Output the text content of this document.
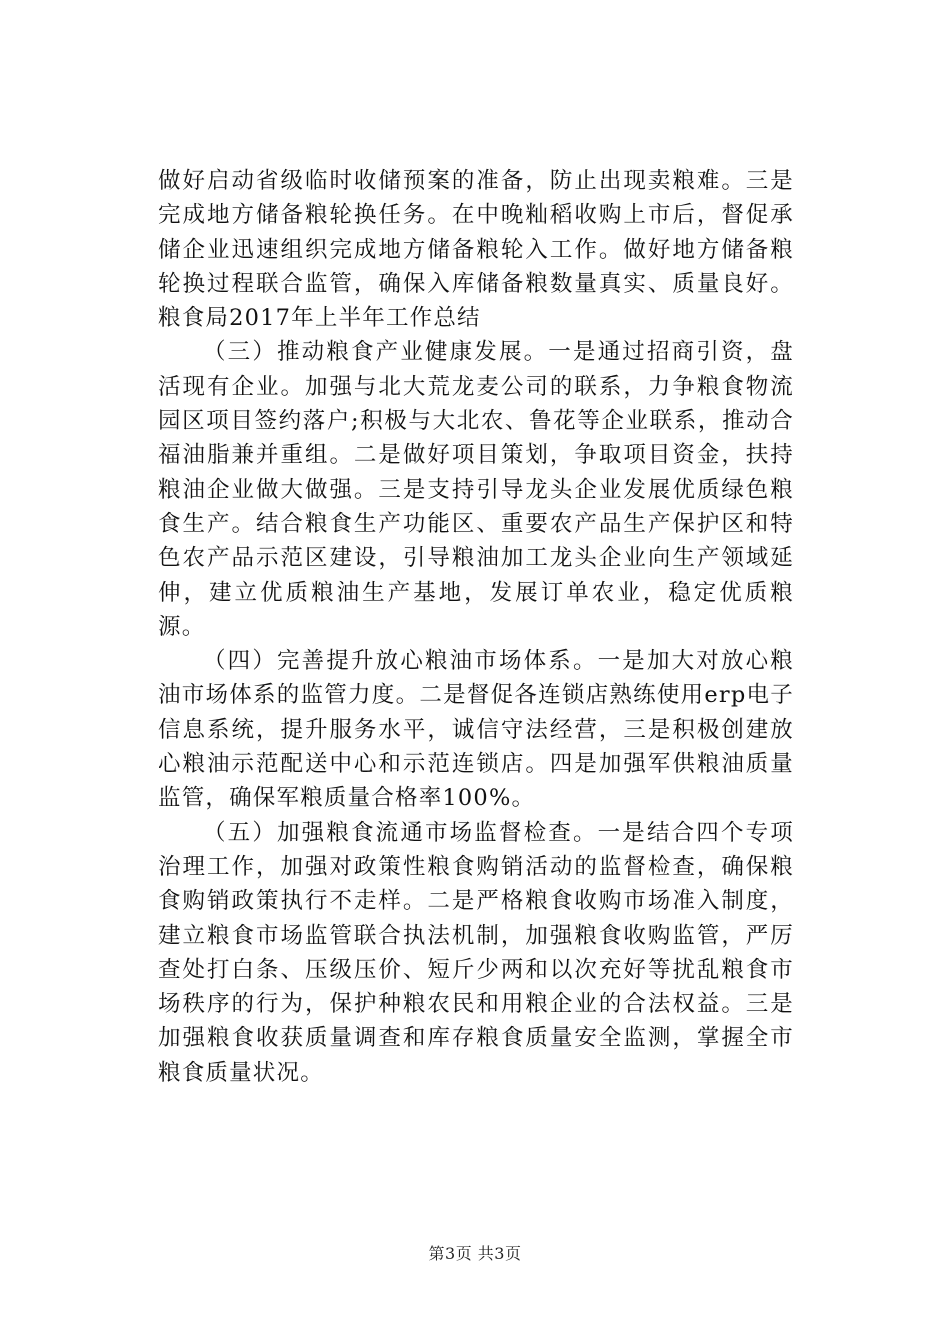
做好启动省级临时收储预案的准备，防止出现卖粮难。三是完成地方储备粮轮换任务。在中晚籼稻收购上市后，督促承储企业迅速组织完成地方储备粮轮入工作。做好地方储备粮轮换过程联合监管，确保入库储备粮数量真实、质量良好。粮食局2017年上半年工作总结

（三）推动粮食产业健康发展。一是通过招商引资，盘活现有企业。加强与北大荒龙麦公司的联系，力争粮食物流园区项目签约落户;积极与大北农、鲁花等企业联系，推动合福油脂兼并重组。二是做好项目策划，争取项目资金，扶持粮油企业做大做强。三是支持引导龙头企业发展优质绿色粮食生产。结合粮食生产功能区、重要农产品生产保护区和特色农产品示范区建设，引导粮油加工龙头企业向生产领域延伸，建立优质粮油生产基地，发展订单农业，稳定优质粮源。

（四）完善提升放心粮油市场体系。一是加大对放心粮油市场体系的监管力度。二是督促各连锁店熟练使用erp电子信息系统，提升服务水平，诚信守法经营，三是积极创建放心粮油示范配送中心和示范连锁店。四是加强军供粮油质量监管，确保军粮质量合格率100%。

（五）加强粮食流通市场监督检查。一是结合四个专项治理工作，加强对政策性粮食购销活动的监督检查，确保粮食购销政策执行不走样。二是严格粮食收购市场准入制度，建立粮食市场监管联合执法机制，加强粮食收购监管，严厉查处打白条、压级压价、短斤少两和以次充好等扰乱粮食市场秩序的行为，保护种粮农民和用粮企业的合法权益。三是加强粮食收获质量调查和库存粮食质量安全监测，掌握全市粮食质量状况。

第3页 共3页
